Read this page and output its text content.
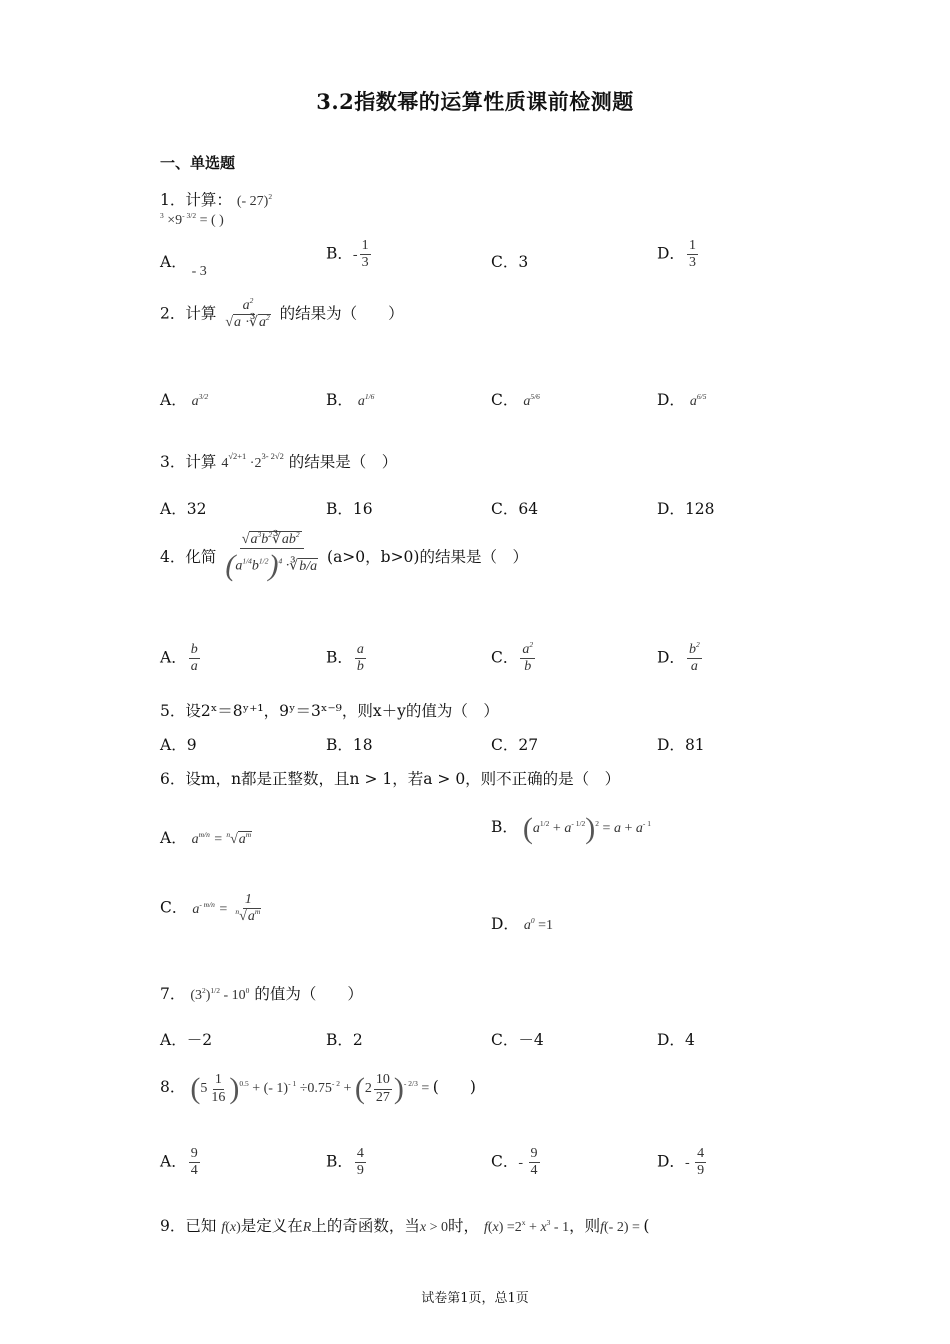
3.2指数幂的运算性质课前检测题
一、单选题
1．计算： (- $27)^{2 3} \times 9^{- 3/2}$ = ( )
A． - 3
B．- $\frac{1}{3}$	C．3	D． $\frac{1}{3}$
2．计算 $\frac{a^2}{√a \cdot∛a^2}$ 的结果为（　　）
A． $a^{3/2}$	B． $a^{1/6}$	C． $a^{5/6}$	D． $a^{6/5}$
3．计算 $4^{√2+1} \cdot 2^{3- 2√2}$ 的结果是（　）
A．32	B．16	C．64	D．128
4．化简 $\frac{√a^3b^2∛ab^2}{(a^{1/4}b^{1/2})^4 \cdot∛b/a} (a>0$，b>0)的结果是（　）
A． $\frac{b}{a}$	B． $\frac{a}{b}$	C． $\frac{a^2}{b}$	D． $\frac{b^2}{a}$
5．设2ˣ＝8ʸ⁺¹，9ʸ＝3ˣ⁻⁹，则x＋y的值为（　）
A．9	B．18	C．27	D．81
6．设m，n都是正整数，且n > 1，若a > 0，则不正确的是（　）
A． $a^{m/n} = ^n√a^m$	B． $(a^{1/2} + a^{- 1/2})^2 = a + a^{- 1}$
C． $a^{- m/n} = \frac{1}{^n√a^m}$	D． $a^0 =1$
7． $(3^2)^{1/2} - 10^0$ 的值为（　　）
A．－2	B．2	C．－4	D．4
8． $(5 \frac{1}{16} )^{0.5}$ + (- $1)^{- 1} \div 0.75^{- 2} + (2 \frac{10}{27} )^{- 2/3}$ = (　　)
A． $\frac{9}{4}$	B． $\frac{4}{9}$	C．- $\frac{9}{4}$	D．- $\frac{4}{9}$
9．已知 f(x)是定义在R上的奇函数，当x > 0时， $f(x) =2^x + x^3 - 1$，则f(- 2) = (
试卷第1页，总1页
